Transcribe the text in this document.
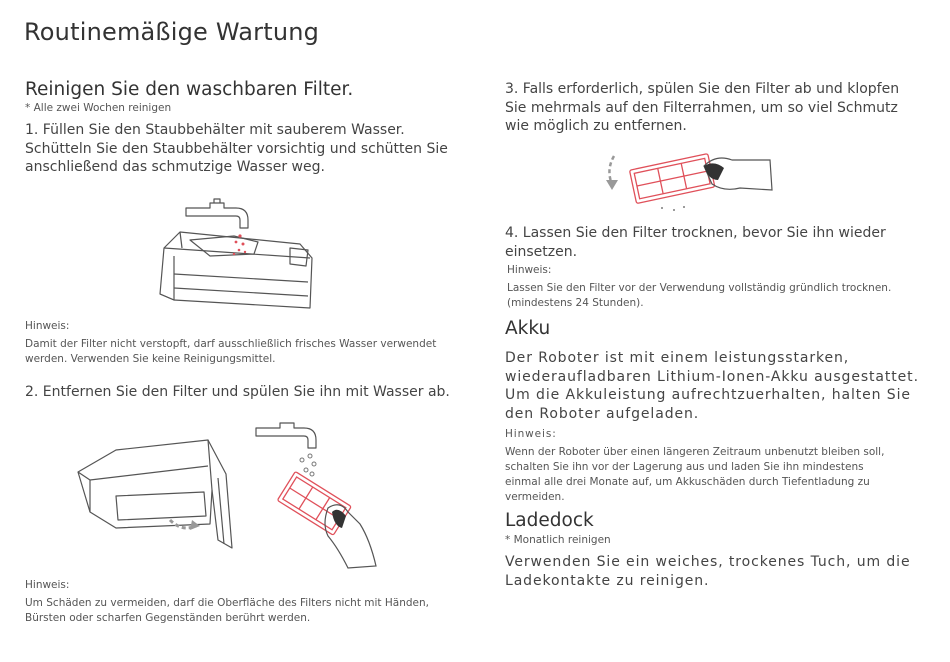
Routinemäßige Wartung
Reinigen Sie den waschbaren Filter.
* Alle zwei Wochen reinigen
1. Füllen Sie den Staubbehälter mit sauberem Wasser.
Schütteln Sie den Staubbehälter vorsichtig und schütten Sie
anschließend das schmutzige Wasser weg.
Hinweis:
Damit der Filter nicht verstopft, darf ausschließlich frisches Wasser verwendet
werden. Verwenden Sie keine Reinigungsmittel.
2. Entfernen Sie den Filter und spülen Sie ihn mit Wasser ab.
Hinweis:
Um Schäden zu vermeiden, darf die Oberfläche des Filters nicht mit Händen,
Bürsten oder scharfen Gegenständen berührt werden.
3. Falls erforderlich, spülen Sie den Filter ab und klopfen
Sie mehrmals auf den Filterrahmen, um so viel Schmutz
wie möglich zu entfernen.
4. Lassen Sie den Filter trocknen, bevor Sie ihn wieder
einsetzen.
Hinweis:
Lassen Sie den Filter vor der Verwendung vollständig gründlich trocknen.
(mindestens 24 Stunden).
Akku
Der Roboter ist mit einem leistungsstarken,
wiederaufladbaren Lithium-Ionen-Akku ausgestattet.
Um die Akkuleistung aufrechtzuerhalten, halten Sie
den Roboter aufgeladen.
Hinweis:
Wenn der Roboter über einen längeren Zeitraum unbenutzt bleiben soll,
schalten Sie ihn vor der Lagerung aus und laden Sie ihn mindestens
einmal alle drei Monate auf, um Akkuschäden durch Tiefentladung zu
vermeiden.
Ladedock
* Monatlich reinigen
Verwenden Sie ein weiches, trockenes Tuch, um die
Ladekontakte zu reinigen.
